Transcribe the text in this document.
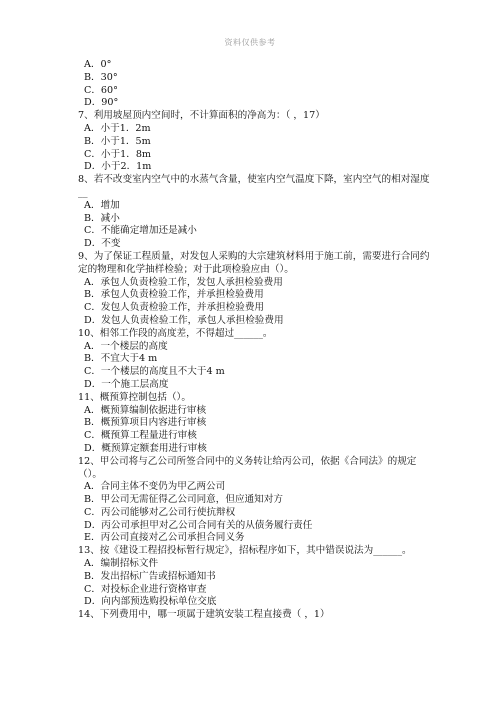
资料仅供参考
A．0°
B．30°
C．60°
D．90°
7、利用坡屋顶内空间时，不计算面积的净高为：（ ，17）
A．小于1．2m
B．小于1．5m
C．小于1．8m
D．小于2．1m
8、若不改变室内空气中的水蒸气含量，使室内空气温度下降，室内空气的相对湿度__
A．增加
B．减小
C．不能确定增加还是减小
D．不变
9、为了保证工程质量，对发包人采购的大宗建筑材料用于施工前，需要进行合同约定的物理和化学抽样检验；对于此项检验应由（）。
A．承包人负责检验工作，发包人承担检验费用
B．承包人负责检验工作，并承担检验费用
C．发包人负责检验工作，并承担检验费用
D．发包人负责检验工作，承包人承担检验费用
10、相邻工作段的高度差，不得超过______。
A．一个楼层的高度
B．不宜大于4 m
C．一个楼层的高度且不大于4 m
D．一个施工层高度
11、概预算控制包括（）。
A．概预算编制依据进行审核
B．概预算项目内容进行审核
C．概预算工程量进行审核
D．概预算定额套用进行审核
12、甲公司将与乙公司所签合同中的义务转让给丙公司，依据《合同法》的规定（）。
A．合同主体不变仍为甲乙两公司
B．甲公司无需征得乙公司同意，但应通知对方
C．丙公司能够对乙公司行使抗辩权
D．丙公司承担甲对乙公司合同有关的从债务履行责任
E．丙公司直接对乙公司承担合同义务
13、按《建设工程招投标暂行规定》，招标程序如下，其中错误说法为______。
A．编制招标文件
B．发出招标广告或招标通知书
C．对投标企业进行资格审查
D．向内部预选购投标单位交底
14、下列费用中，哪一项属于建筑安装工程直接费（ ，1）
